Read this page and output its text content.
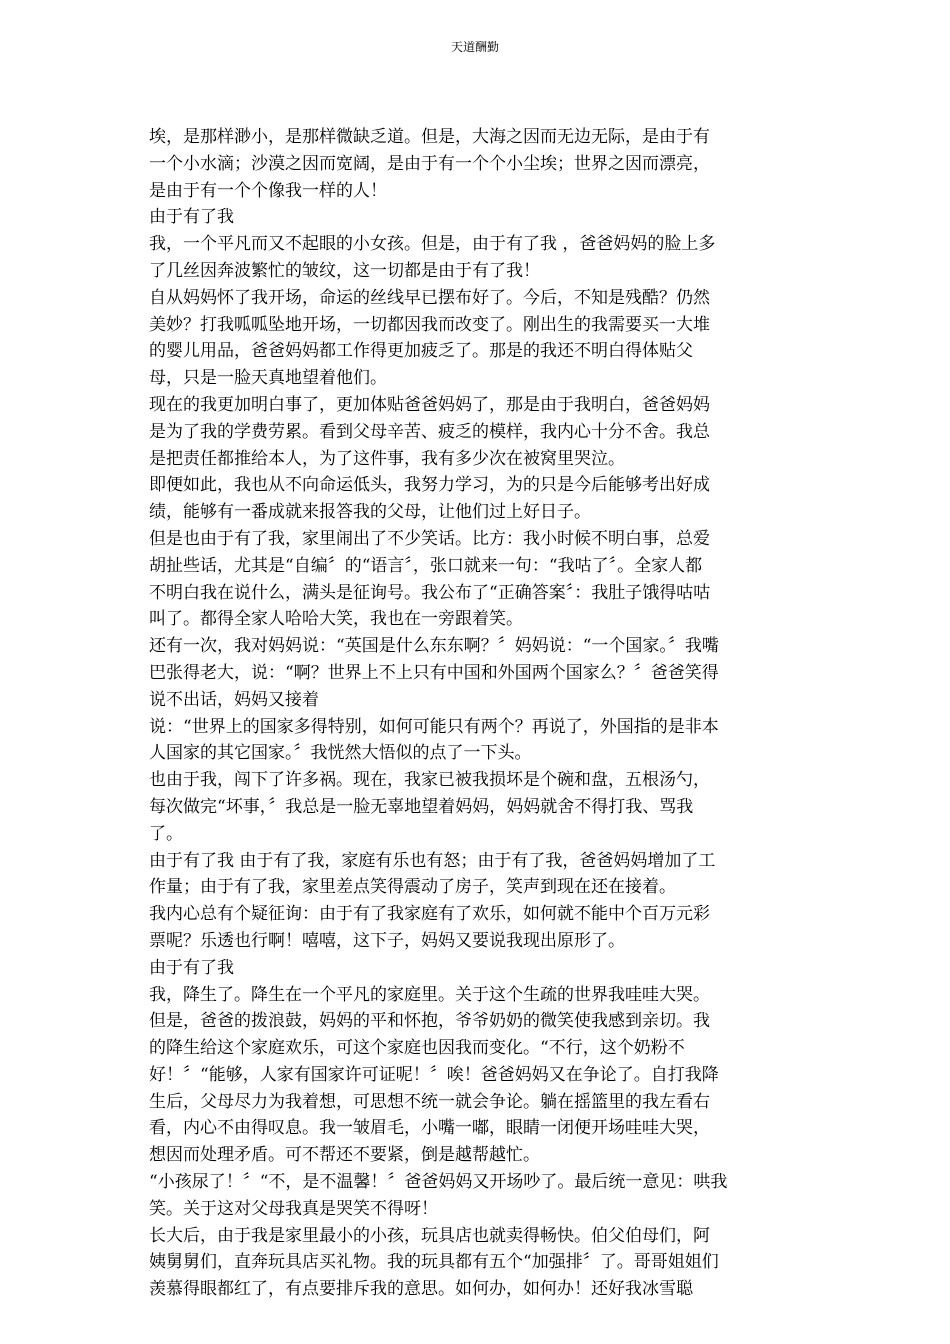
天道酬勤
埃，是那样渺小，是那样微缺乏道。但是，大海之因而无边无际，是由于有
一个小水滴；沙漠之因而宽阔，是由于有一个个小尘埃；世界之因而漂亮，
是由于有一个个像我一样的人！
由于有了我
我，一个平凡而又不起眼的小女孩。但是，由于有了我 ，爸爸妈妈的脸上多
了几丝因奔波繁忙的皱纹，这一切都是由于有了我！
自从妈妈怀了我开场，命运的丝线早已摆布好了。今后，不知是残酷？仍然
美妙？打我呱呱坠地开场，一切都因我而改变了。刚出生的我需要买一大堆
的婴儿用品，爸爸妈妈都工作得更加疲乏了。那是的我还不明白得体贴父
母，只是一脸天真地望着他们。
现在的我更加明白事了，更加体贴爸爸妈妈了，那是由于我明白，爸爸妈妈
是为了我的学费劳累。看到父母辛苦、疲乏的模样，我内心十分不舍。我总
是把责任都推给本人，为了这件事，我有多少次在被窝里哭泣。
即便如此，我也从不向命运低头，我努力学习，为的只是今后能够考出好成
绩，能够有一番成就来报答我的父母，让他们过上好日子。
但是也由于有了我，家里闹出了不少笑话。比方：我小时候不明白事，总爱
胡扯些话，尤其是“自编〞的“语言〞，张口就来一句：“我咕了〞。全家人都
不明白我在说什么，满头是征询号。我公布了“正确答案〞：我肚子饿得咕咕
叫了。都得全家人哈哈大笑，我也在一旁跟着笑。
还有一次，我对妈妈说：“英国是什么东东啊？〞妈妈说：“一个国家。〞我嘴
巴张得老大，说：“啊？世界上不上只有中国和外国两个国家么？〞爸爸笑得
说不出话，妈妈又接着
说：“世界上的国家多得特别，如何可能只有两个？再说了，外国指的是非本
人国家的其它国家。〞我恍然大悟似的点了一下头。
也由于我，闯下了许多祸。现在，我家已被我损坏是个碗和盘，五根汤勺，
每次做完“坏事，〞我总是一脸无辜地望着妈妈，妈妈就舍不得打我、骂我
了。
由于有了我 由于有了我，家庭有乐也有怒；由于有了我，爸爸妈妈增加了工
作量；由于有了我，家里差点笑得震动了房子，笑声到现在还在接着。
我内心总有个疑征询：由于有了我家庭有了欢乐，如何就不能中个百万元彩
票呢？乐透也行啊！嘻嘻，这下子，妈妈又要说我现出原形了。
由于有了我
我，降生了。降生在一个平凡的家庭里。关于这个生疏的世界我哇哇大哭。
但是，爸爸的拨浪鼓，妈妈的平和怀抱，爷爷奶奶的微笑使我感到亲切。我
的降生给这个家庭欢乐，可这个家庭也因我而变化。“不行，这个奶粉不
好！〞“能够，人家有国家许可证呢！〞唉！爸爸妈妈又在争论了。自打我降
生后，父母尽力为我着想，可思想不统一就会争论。躺在摇篮里的我左看右
看，内心不由得叹息。我一皱眉毛，小嘴一嘟，眼睛一闭便开场哇哇大哭，
想因而处理矛盾。可不帮还不要紧，倒是越帮越忙。
“小孩尿了！〞“不，是不温馨！〞爸爸妈妈又开场吵了。最后统一意见：哄我
笑。关于这对父母我真是哭笑不得呀！
长大后，由于我是家里最小的小孩，玩具店也就卖得畅快。伯父伯母们，阿
姨舅舅们，直奔玩具店买礼物。我的玩具都有五个“加强排〞了。哥哥姐姐们
羡慕得眼都红了，有点要排斥我的意思。如何办，如何办！还好我冰雪聪
